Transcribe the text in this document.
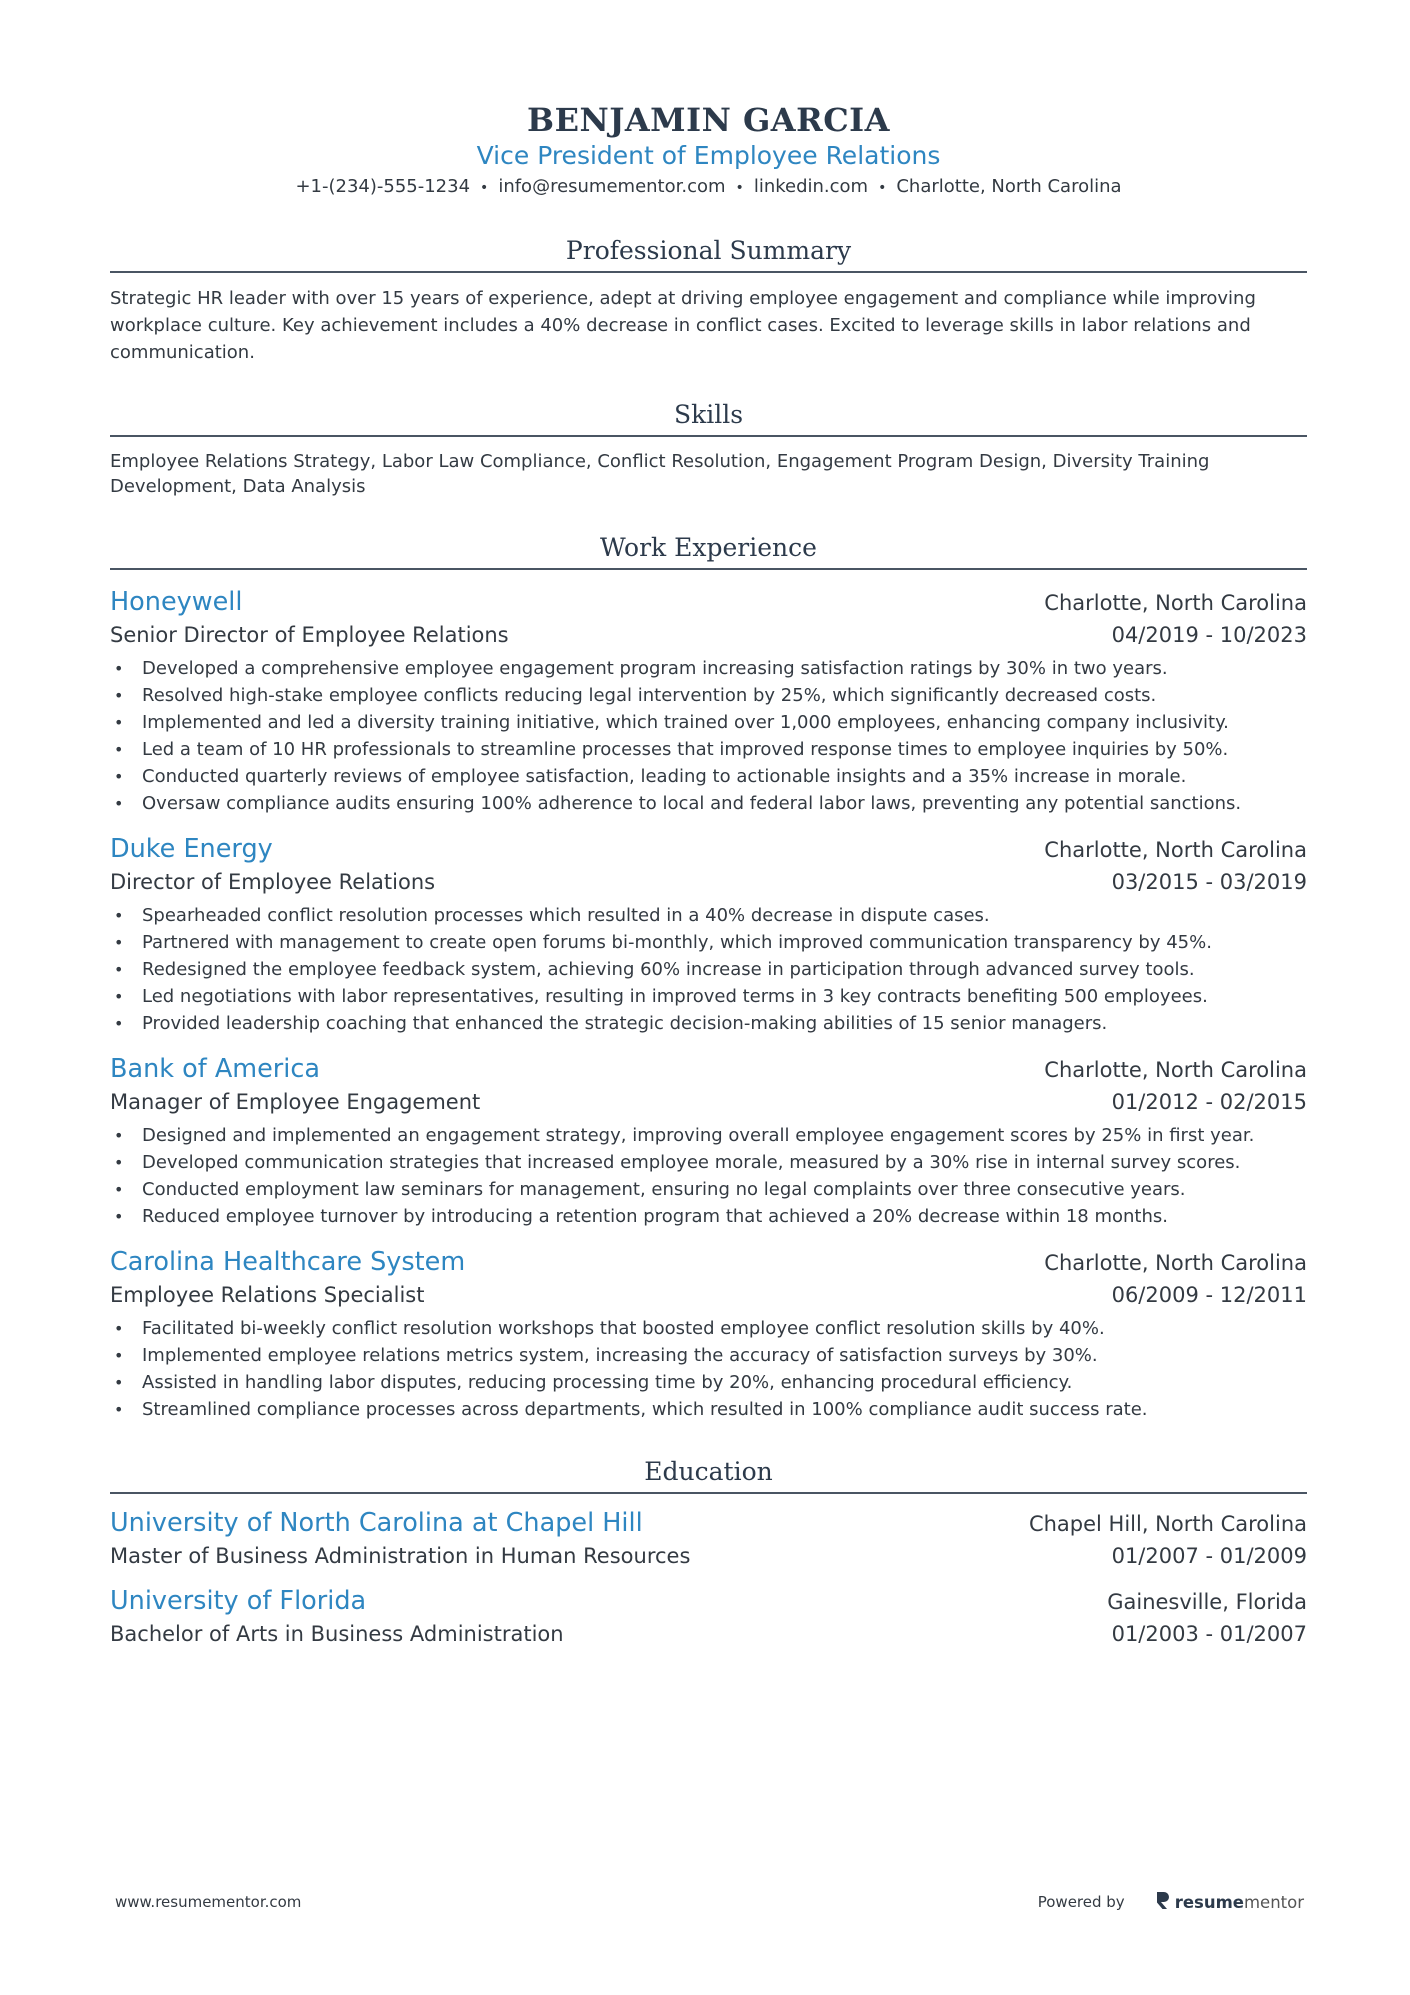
BENJAMIN GARCIA
Vice President of Employee Relations
+1-(234)-555-1234 • info@resumementor.com • linkedin.com • Charlotte, North Carolina
Professional Summary
Strategic HR leader with over 15 years of experience, adept at driving employee engagement and compliance while improving workplace culture. Key achievement includes a 40% decrease in conflict cases. Excited to leverage skills in labor relations and communication.
Skills
Employee Relations Strategy, Labor Law Compliance, Conflict Resolution, Engagement Program Design, Diversity Training Development, Data Analysis
Work Experience
Honeywell	Charlotte, North Carolina
Senior Director of Employee Relations	04/2019 - 10/2023
• Developed a comprehensive employee engagement program increasing satisfaction ratings by 30% in two years.
• Resolved high-stake employee conflicts reducing legal intervention by 25%, which significantly decreased costs.
• Implemented and led a diversity training initiative, which trained over 1,000 employees, enhancing company inclusivity.
• Led a team of 10 HR professionals to streamline processes that improved response times to employee inquiries by 50%.
• Conducted quarterly reviews of employee satisfaction, leading to actionable insights and a 35% increase in morale.
• Oversaw compliance audits ensuring 100% adherence to local and federal labor laws, preventing any potential sanctions.
Duke Energy	Charlotte, North Carolina
Director of Employee Relations	03/2015 - 03/2019
• Spearheaded conflict resolution processes which resulted in a 40% decrease in dispute cases.
• Partnered with management to create open forums bi-monthly, which improved communication transparency by 45%.
• Redesigned the employee feedback system, achieving 60% increase in participation through advanced survey tools.
• Led negotiations with labor representatives, resulting in improved terms in 3 key contracts benefiting 500 employees.
• Provided leadership coaching that enhanced the strategic decision-making abilities of 15 senior managers.
Bank of America	Charlotte, North Carolina
Manager of Employee Engagement	01/2012 - 02/2015
• Designed and implemented an engagement strategy, improving overall employee engagement scores by 25% in first year.
• Developed communication strategies that increased employee morale, measured by a 30% rise in internal survey scores.
• Conducted employment law seminars for management, ensuring no legal complaints over three consecutive years.
• Reduced employee turnover by introducing a retention program that achieved a 20% decrease within 18 months.
Carolina Healthcare System	Charlotte, North Carolina
Employee Relations Specialist	06/2009 - 12/2011
• Facilitated bi-weekly conflict resolution workshops that boosted employee conflict resolution skills by 40%.
• Implemented employee relations metrics system, increasing the accuracy of satisfaction surveys by 30%.
• Assisted in handling labor disputes, reducing processing time by 20%, enhancing procedural efficiency.
• Streamlined compliance processes across departments, which resulted in 100% compliance audit success rate.
Education
University of North Carolina at Chapel Hill	Chapel Hill, North Carolina
Master of Business Administration in Human Resources	01/2007 - 01/2009
University of Florida	Gainesville, Florida
Bachelor of Arts in Business Administration	01/2003 - 01/2007
www.resumementor.com	Powered by	resume mentor
